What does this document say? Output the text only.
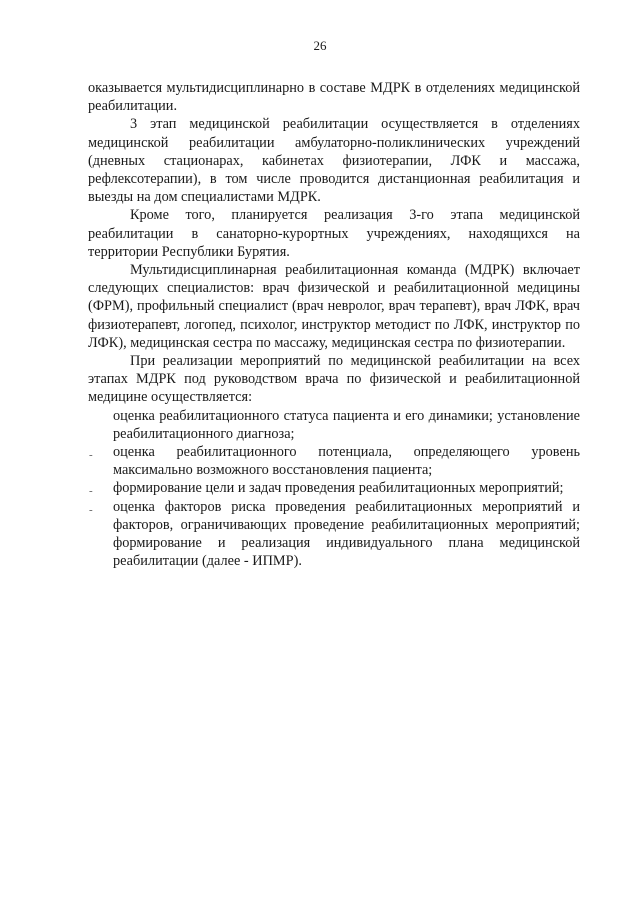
26

оказывается мультидисциплинарно в составе МДРК в отделениях медицинской реабилитации.

3 этап медицинской реабилитации осуществляется в отделениях медицинской реабилитации амбулаторно-поликлинических учреждений (дневных стационарах, кабинетах физиотерапии, ЛФК и массажа, рефлексотерапии), в том числе проводится дистанционная реабилитация и выезды на дом специалистами МДРК.

Кроме того, планируется реализация 3-го этапа медицинской реабилитации в санаторно-курортных учреждениях, находящихся на территории Республики Бурятия.

Мультидисциплинарная реабилитационная команда (МДРК) включает следующих специалистов: врач физической и реабилитационной медицины (ФРМ), профильный специалист (врач невролог, врач терапевт), врач ЛФК, врач физиотерапевт, логопед, психолог, инструктор методист по ЛФК, инструктор по ЛФК), медицинская сестра по массажу, медицинская сестра по физиотерапии.

При реализации мероприятий по медицинской реабилитации на всех этапах МДРК под руководством врача по физической и реабилитационной медицине осуществляется:

оценка реабилитационного статуса пациента и его динамики; установление реабилитационного диагноза;
- оценка реабилитационного потенциала, определяющего уровень максимально возможного восстановления пациента;
- формирование цели и задач проведения реабилитационных мероприятий;
- оценка факторов риска проведения реабилитационных мероприятий и факторов, ограничивающих проведение реабилитационных мероприятий; формирование и реализация индивидуального плана медицинской реабилитации (далее - ИПМР).
